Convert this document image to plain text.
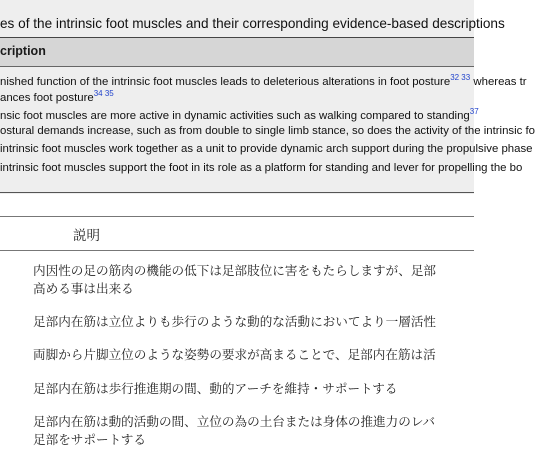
es of the intrinsic foot muscles and their corresponding evidence-based descriptions
cription
nished function of the intrinsic foot muscles leads to deleterious alterations in foot posture$^{32 33}$ whereas tr
ances foot posture$^{34 35}$
nsic foot muscles are more active in dynamic activities such as walking compared to standing$^{37}$
ostural demands increase, such as from double to single limb stance, so does the activity of the intrinsic fo
intrinsic foot muscles work together as a unit to provide dynamic arch support during the propulsive phase
intrinsic foot muscles support the foot in its role as a platform for standing and lever for propelling the bo
説明
内因性の足の筋肉の機能の低下は足部肢位に害をもたらしますが、足部
高める事は出来る
足部内在筋は立位よりも歩行のような動的な活動においてより一層活性
両脚から片脚立位のような姿勢の要求が高まることで、足部内在筋は活
足部内在筋は歩行推進期の間、動的アーチを維持・サポートする
足部内在筋は動的活動の間、立位の為の土台または身体の推進力のレバ
足部をサポートする
